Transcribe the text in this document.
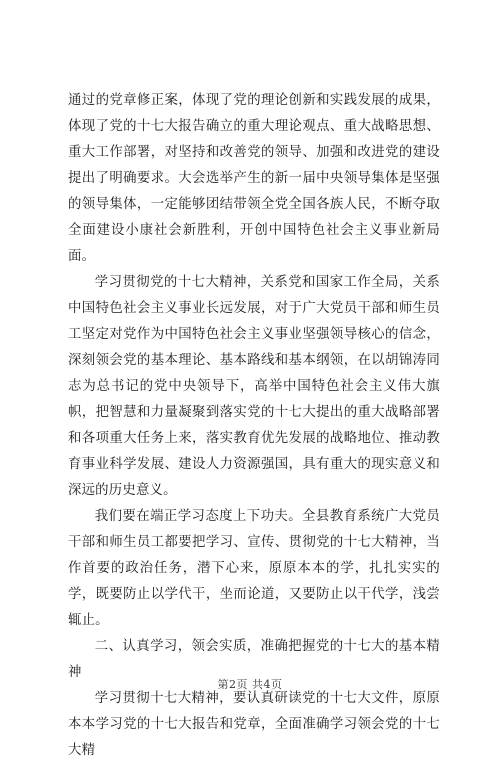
通过的党章修正案，体现了党的理论创新和实践发展的成果，体现了党的十七大报告确立的重大理论观点、重大战略思想、重大工作部署，对坚持和改善党的领导、加强和改进党的建设提出了明确要求。大会选举产生的新一届中央领导集体是坚强的领导集体，一定能够团结带领全党全国各族人民，不断夺取全面建设小康社会新胜利，开创中国特色社会主义事业新局面。

学习贯彻党的十七大精神，关系党和国家工作全局，关系中国特色社会主义事业长远发展，对于广大党员干部和师生员工坚定对党作为中国特色社会主义事业坚强领导核心的信念，深刻领会党的基本理论、基本路线和基本纲领，在以胡锦涛同志为总书记的党中央领导下，高举中国特色社会主义伟大旗帜，把智慧和力量凝聚到落实党的十七大提出的重大战略部署和各项重大任务上来，落实教育优先发展的战略地位、推动教育事业科学发展、建设人力资源强国，具有重大的现实意义和深远的历史意义。

我们要在端正学习态度上下功夫。全县教育系统广大党员干部和师生员工都要把学习、宣传、贯彻党的十七大精神，当作首要的政治任务，潜下心来，原原本本的学，扎扎实实的学，既要防止以学代干，坐而论道，又要防止以干代学，浅尝辄止。

二、认真学习，领会实质，准确把握党的十七大的基本精神

学习贯彻十七大精神，要认真研读党的十七大文件，原原本本学习党的十七大报告和党章，全面准确学习领会党的十七大精

第2页 共4页
